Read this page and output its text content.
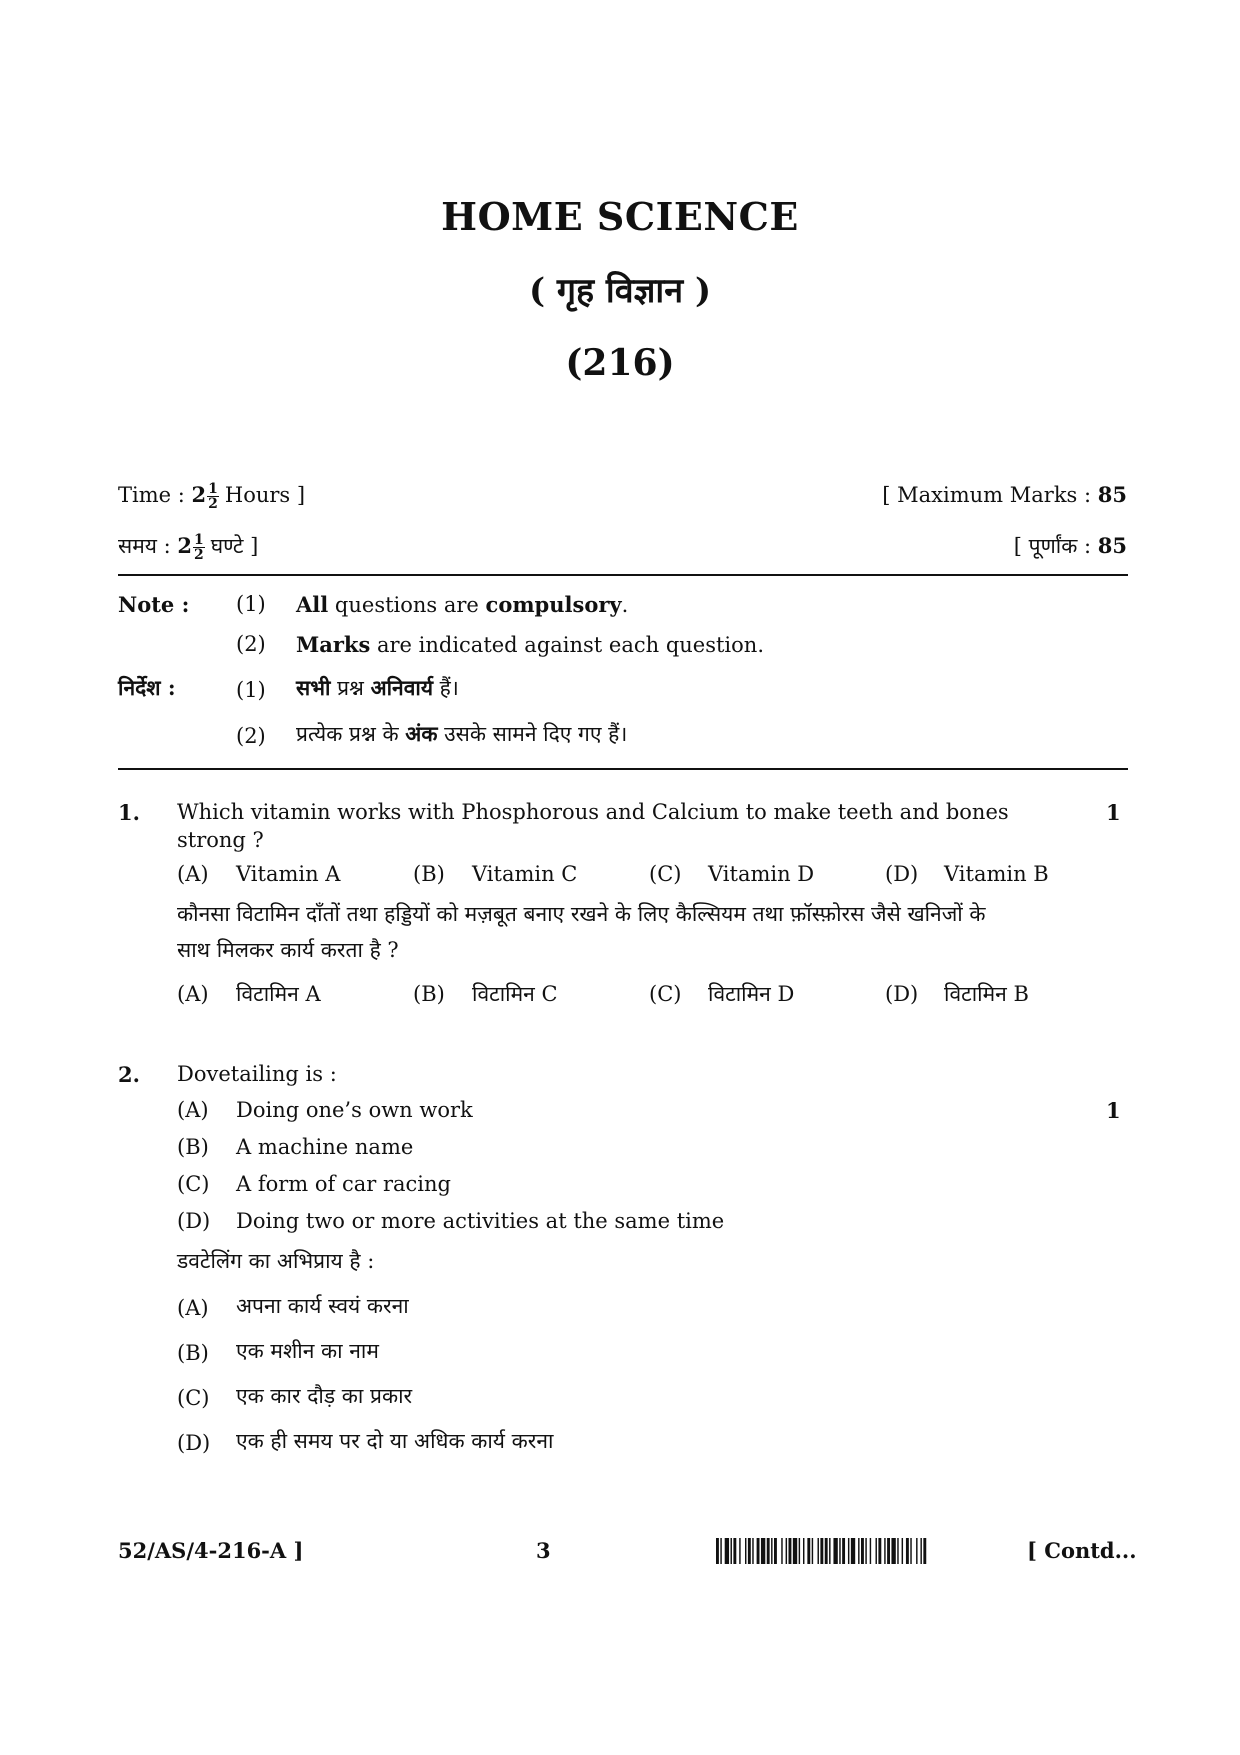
HOME SCIENCE
( गृह विज्ञान )
(216)
Time : $2 \frac{1}{2}$ Hours ]	[ Maximum Marks : 85
समय : $2 \frac{1}{2}$ घण्टे ]	[ पूर्णांक : 85
Note : (1) All questions are compulsory.
(2) Marks are indicated against each question.
निर्देश :	(1) सभी प्रश्न अनिवार्य हैं।
(2) प्रत्येक प्रश्न के अंक उसके सामने दिए गए हैं।
1. Which vitamin works with Phosphorous and Calcium to make teeth and bones
strong ?
1
(A) Vitamin A	(B) Vitamin C	(C) Vitamin D	(D) Vitamin B
कौनसा विटामिन दाँतों तथा हड्डियों को मज़बूत बनाए रखने के लिए कैल्सियम तथा फ़ॉस्फ़ोरस जैसे खनिजों के
साथ मिलकर कार्य करता है ?
(A) विटामिन A	(B) विटामिन C	(C) विटामिन D	(D) विटामिन B
2. Dovetailing is :
1
(A) Doing one’s own work
(B) A machine name
(C) A form of car racing
(D) Doing two or more activities at the same time
डवटेलिंग का अभिप्राय है :
(A) अपना कार्य स्वयं करना
(B) एक मशीन का नाम
(C) एक कार दौड़ का प्रकार
(D) एक ही समय पर दो या अधिक कार्य करना
52/AS/4-216-A ]	3	[ Contd...
